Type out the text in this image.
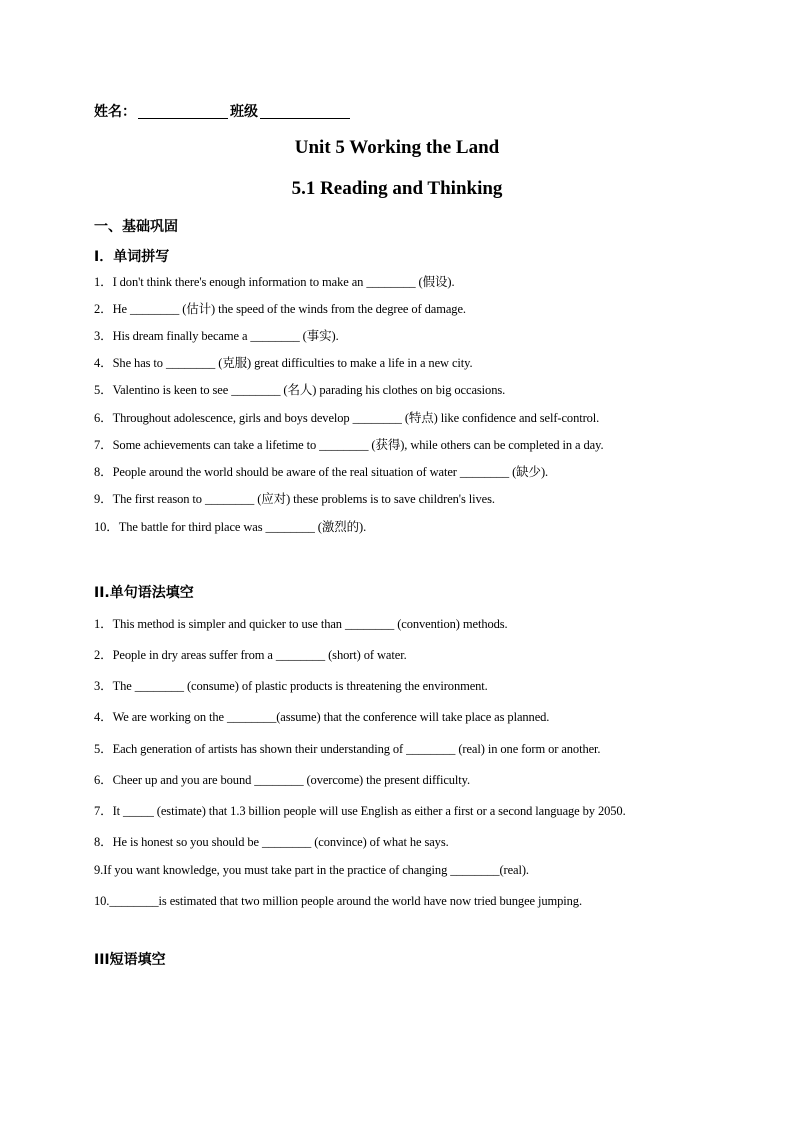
姓名：	班级
Unit 5 Working the Land
5.1 Reading and Thinking
一、基础巩固
I．单词拼写
1．I don't think there's enough information to make an ________ (假设).
2．He ________ (估计) the speed of the winds from the degree of damage.
3．His dream finally became a ________ (事实).
4．She has to ________ (克服) great difficulties to make a life in a new city.
5．Valentino is keen to see ________ (名人) parading his clothes on big occasions.
6．Throughout adolescence, girls and boys develop ________ (特点) like confidence and self-control.
7．Some achievements can take a lifetime to ________ (获得), while others can be completed in a day.
8．People around the world should be aware of the real situation of water ________ (缺少).
9．The first reason to ________ (应对) these problems is to save children's lives.
10．The battle for third place was ________ (激烈的).
II.单句语法填空
1．This method is simpler and quicker to use than ________ (convention) methods.
2．People in dry areas suffer from a ________ (short) of water.
3．The ________ (consume) of plastic products is threatening the environment.
4．We are working on the ________(assume) that the conference will take place as planned.
5．Each generation of artists has shown their understanding of ________ (real) in one form or another.
6．Cheer up and you are bound ________ (overcome) the present difficulty.
7．It _____ (estimate) that 1.3 billion people will use English as either a first or a second language by 2050.
8．He is honest so you should be ________ (convince) of what he says.
9.If you want knowledge, you must take part in the practice of changing ________(real).
10.________is estimated that two million people around the world have now tried bungee jumping.
III短语填空
